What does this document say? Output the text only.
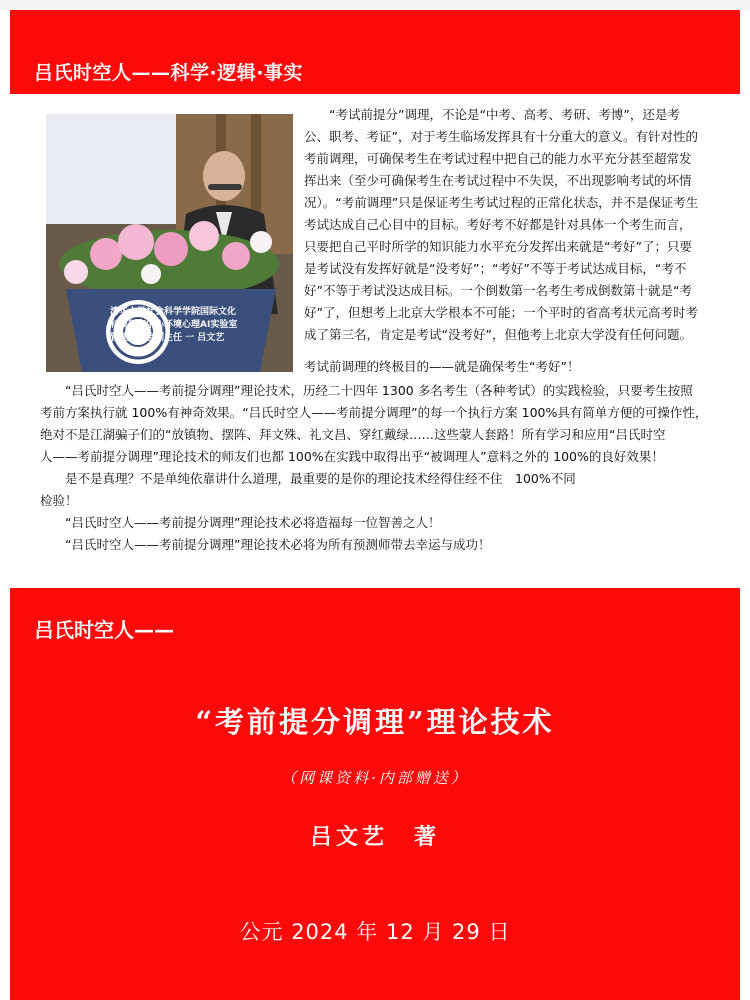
吕氏时空人——科学·逻辑·事实
清华大学社会科学学院国际文化
科技研究中心环境心理AI实验室
管理委员会副主任 一 吕文艺
　　“考试前提分”调理，不论是“中考、高考、考研、考博”，还是考
公、职考、考证”，对于考生临场发挥具有十分重大的意义。有针对性的
考前调理，可确保考生在考试过程中把自己的能力水平充分甚至超常发
挥出来（至少可确保考生在考试过程中不失误，不出现影响考试的坏情
况）。“考前调理”只是保证考生考试过程的正常化状态，并不是保证考生
考试达成自己心目中的目标。考好考不好都是针对具体一个考生而言，
只要把自己平时所学的知识能力水平充分发挥出来就是“考好”了；只要
是考试没有发挥好就是“没考好”；“考好”不等于考试达成目标，“考不
好”不等于考试没达成目标。一个倒数第一名考生考成倒数第十就是“考
好”了，但想考上北京大学根本不可能；一个平时的省高考状元高考时考
成了第三名，肯定是考试“没考好”，但他考上北京大学没有任何问题。
考试前调理的终极目的——就是确保考生“考好”！
　　“吕氏时空人——考前提分调理”理论技术，历经二十四年 1300 多名考生（各种考试）的实践检验，只要考生按照
考前方案执行就 100%有神奇效果。“吕氏时空人——考前提分调理”的每一个执行方案 100%具有简单方便的可操作性，
绝对不是江湖骗子们的“放镇物、摆阵、拜文殊、礼文昌、穿红戴绿……这些蒙人套路！所有学习和应用“吕氏时空
人——考前提分调理”理论技术的师友们也都 100%在实践中取得出乎“被调理人”意料之外的 100%的良好效果！
　　是不是真理？不是单纯依靠讲什么道理，最重要的是你的理论技术经得住经不住　100%不同
检验！
　　“吕氏时空人——考前提分调理”理论技术必将造福每一位智善之人！
　　“吕氏时空人——考前提分调理”理论技术必将为所有预测师带去幸运与成功！
吕氏时空人——
“考前提分调理”理论技术
（网课资料·内部赠送）
吕文艺　著
公元 2024 年 12 月 29 日
